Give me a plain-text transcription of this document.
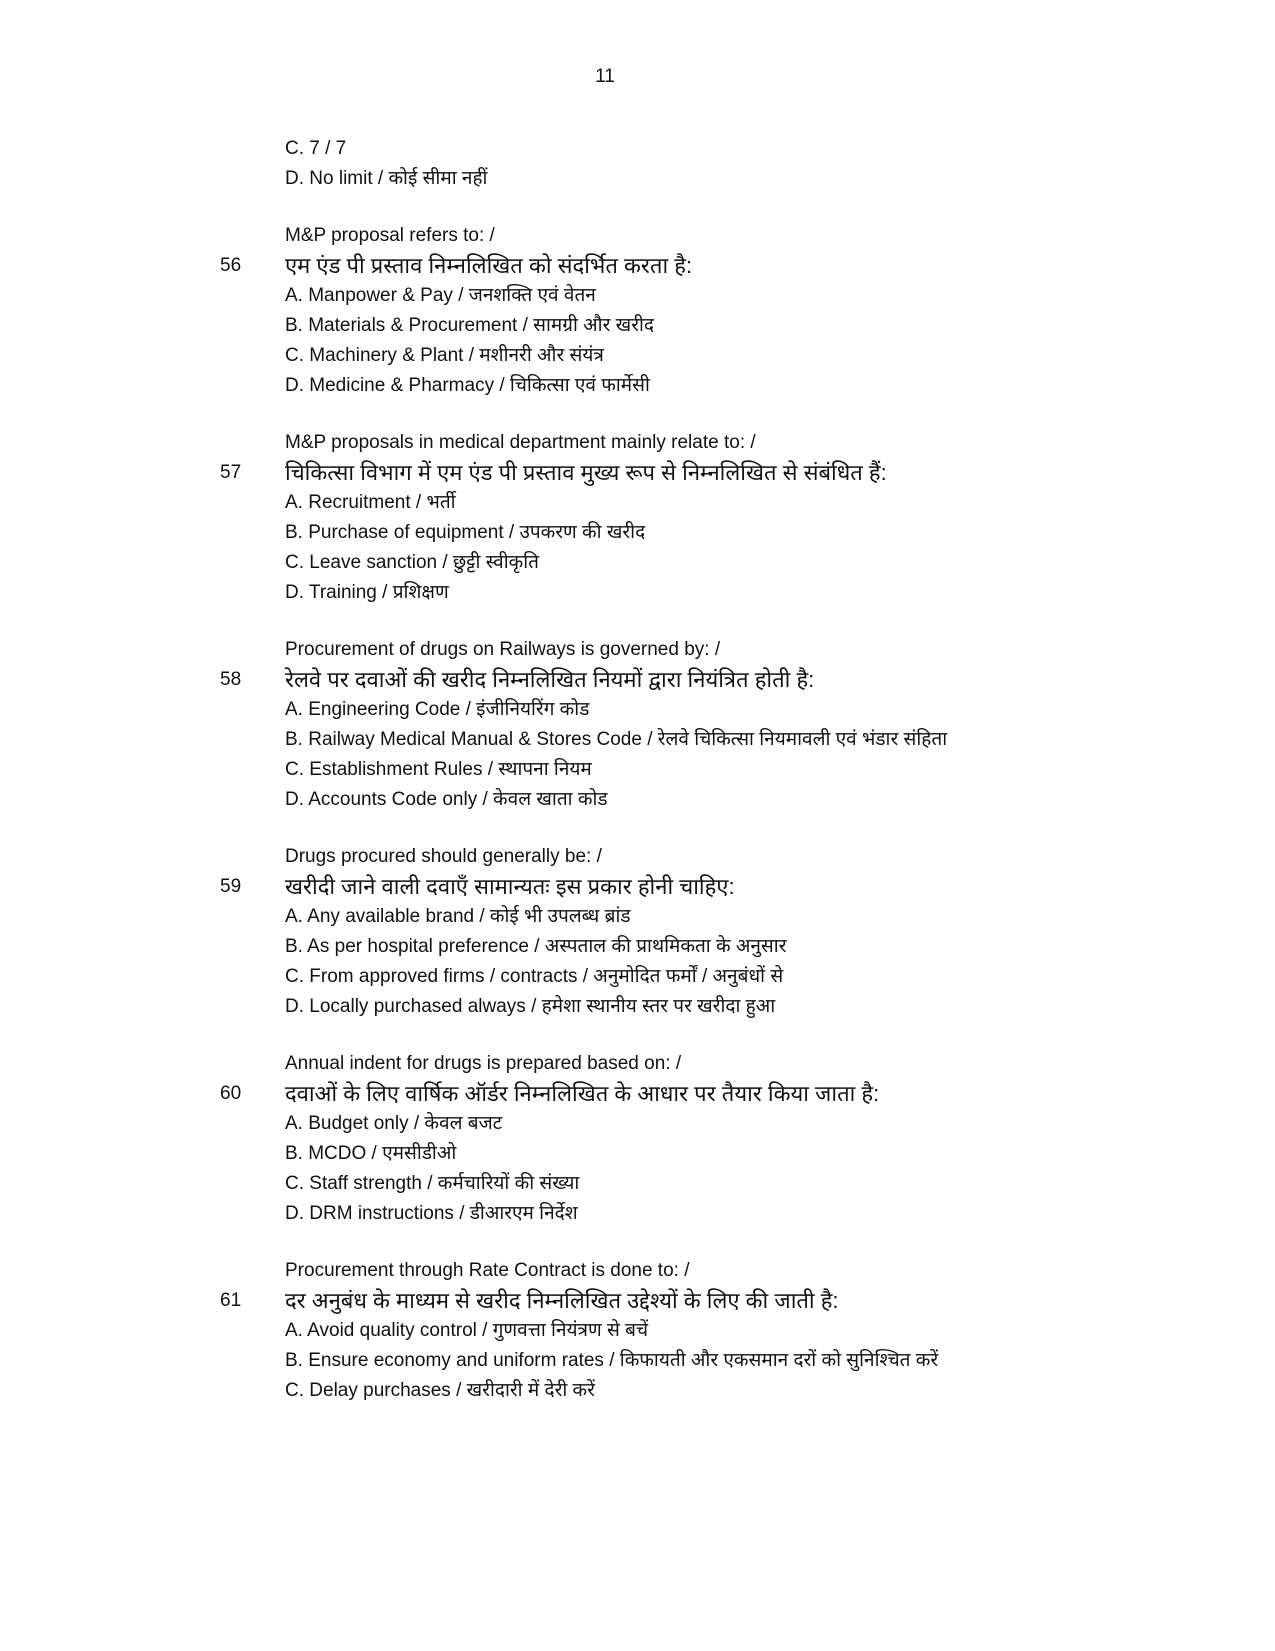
11
C. 7 / 7
D. No limit / कोई सीमा नहीं
M&P proposal refers to: /
56 एम एंड पी प्रस्ताव निम्नलिखित को संदर्भित करता है:
A. Manpower & Pay / जनशक्ति एवं वेतन
B. Materials & Procurement / सामग्री और खरीद
C. Machinery & Plant / मशीनरी और संयंत्र
D. Medicine & Pharmacy / चिकित्सा एवं फार्मेसी
M&P proposals in medical department mainly relate to: /
57 चिकित्सा विभाग में एम एंड पी प्रस्ताव मुख्य रूप से निम्नलिखित से संबंधित हैं:
A. Recruitment / भर्ती
B. Purchase of equipment / उपकरण की खरीद
C. Leave sanction / छुट्टी स्वीकृति
D. Training / प्रशिक्षण
Procurement of drugs on Railways is governed by: /
58 रेलवे पर दवाओं की खरीद निम्नलिखित नियमों द्वारा नियंत्रित होती है:
A. Engineering Code / इंजीनियरिंग कोड
B. Railway Medical Manual & Stores Code / रेलवे चिकित्सा नियमावली एवं भंडार संहिता
C. Establishment Rules / स्थापना नियम
D. Accounts Code only / केवल खाता कोड
Drugs procured should generally be: /
59 खरीदी जाने वाली दवाएँ सामान्यतः इस प्रकार होनी चाहिए:
A. Any available brand / कोई भी उपलब्ध ब्रांड
B. As per hospital preference / अस्पताल की प्राथमिकता के अनुसार
C. From approved firms / contracts / अनुमोदित फर्मों / अनुबंधों से
D. Locally purchased always / हमेशा स्थानीय स्तर पर खरीदा हुआ
Annual indent for drugs is prepared based on: /
60 दवाओं के लिए वार्षिक ऑर्डर निम्नलिखित के आधार पर तैयार किया जाता है:
A. Budget only / केवल बजट
B. MCDO / एमसीडीओ
C. Staff strength / कर्मचारियों की संख्या
D. DRM instructions / डीआरएम निर्देश
Procurement through Rate Contract is done to: /
61 दर अनुबंध के माध्यम से खरीद निम्नलिखित उद्देश्यों के लिए की जाती है:
A. Avoid quality control / गुणवत्ता नियंत्रण से बचें
B. Ensure economy and uniform rates / किफायती और एकसमान दरों को सुनिश्चित करें
C. Delay purchases / खरीदारी में देरी करें
